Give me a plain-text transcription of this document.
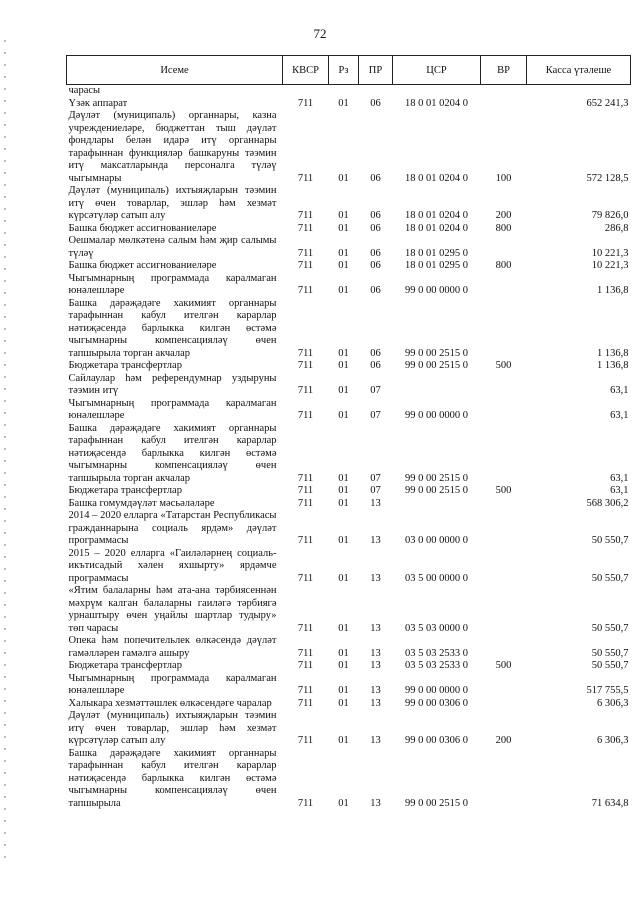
72
Исеме	КВСР	Рз	ПР	ЦСР	ВР	Касса үтәлеше
чарасы						
Үзәк аппарат	711	01	06	18 0 01 0204 0		652 241,3
Дәүләт (муниципаль) органнары, казна учреждениеләре, бюджеттан тыш дәүләт фондлары белән идарә итү органнары тарафыннан функцияләр башкаруны тәэмин итү максатларында персоналга түләү чыгымнары	711	01	06	18 0 01 0204 0	100	572 128,5
Дәүләт (муниципаль) ихтыяҗларын тәэмин итү өчен товарлар, эшләр һәм хезмәт күрсәтүләр сатып алу	711	01	06	18 0 01 0204 0	200	79 826,0
Башка бюджет ассигнованиеләре	711	01	06	18 0 01 0204 0	800	286,8
Оешмалар мөлкәтенә салым һәм җир салымы түләү	711	01	06	18 0 01 0295 0		10 221,3
Башка бюджет ассигнованиеләре	711	01	06	18 0 01 0295 0	800	10 221,3
Чыгымнарның программада каралмаган юнәлешләре	711	01	06	99 0 00 0000 0		1 136,8
Башка дәрәҗәдәге хакимият органнары тарафыннан кабул ителгән карарлар нәтиҗәсендә барлыкка килгән өстәмә чыгымнарны компенсацияләү өчен тапшырыла торган акчалар	711	01	06	99 0 00 2515 0		1 136,8
Бюджетара трансфертлар	711	01	06	99 0 00 2515 0	500	1 136,8
Сайлаулар һәм референдумнар уздыруны тәэмин итү	711	01	07			63,1
Чыгымнарның программада каралмаган юнәлешләре	711	01	07	99 0 00 0000 0		63,1
Башка дәрәҗәдәге хакимият органнары тарафыннан кабул ителгән карарлар нәтиҗәсендә барлыкка килгән өстәмә чыгымнарны компенсацияләү өчен тапшырыла торган акчалар	711	01	07	99 0 00 2515 0		63,1
Бюджетара трансфертлар	711	01	07	99 0 00 2515 0	500	63,1
Башка гомумдәүләт мәсьәләләре	711	01	13			568 306,2
2014 – 2020 елларга «Татарстан Республикасы гражданнарына социаль ярдәм» дәүләт программасы	711	01	13	03 0 00 0000 0		50 550,7
2015 – 2020 елларга «Гаиләләрнең социаль-икътисадый хәлен яхшырту» ярдәмче программасы	711	01	13	03 5 00 0000 0		50 550,7
«Ятим балаларны һәм ата-ана тәрбиясеннән мәхрүм калган балаларны гаиләгә тәрбиягә урнаштыру өчен уңайлы шартлар тудыру» төп чарасы	711	01	13	03 5 03 0000 0		50 550,7
Опека һәм попечительлек өлкәсендә дәүләт гамәлләрен гамәлгә ашыру	711	01	13	03 5 03 2533 0		50 550,7
Бюджетара трансфертлар	711	01	13	03 5 03 2533 0	500	50 550,7
Чыгымнарның программада каралмаган юнәлешләре	711	01	13	99 0 00 0000 0		517 755,5
Халыкара хезмәттәшлек өлкәсендәге чаралар	711	01	13	99 0 00 0306 0		6 306,3
Дәүләт (муниципаль) ихтыяҗларын тәэмин итү өчен товарлар, эшләр һәм хезмәт күрсәтүләр сатып алу	711	01	13	99 0 00 0306 0	200	6 306,3
Башка дәрәҗәдәге хакимият органнары тарафыннан кабул ителгән карарлар нәтиҗәсендә барлыкка килгән өстәмә чыгымнарны компенсацияләү өчен тапшырыла	711	01	13	99 0 00 2515 0		71 634,8
